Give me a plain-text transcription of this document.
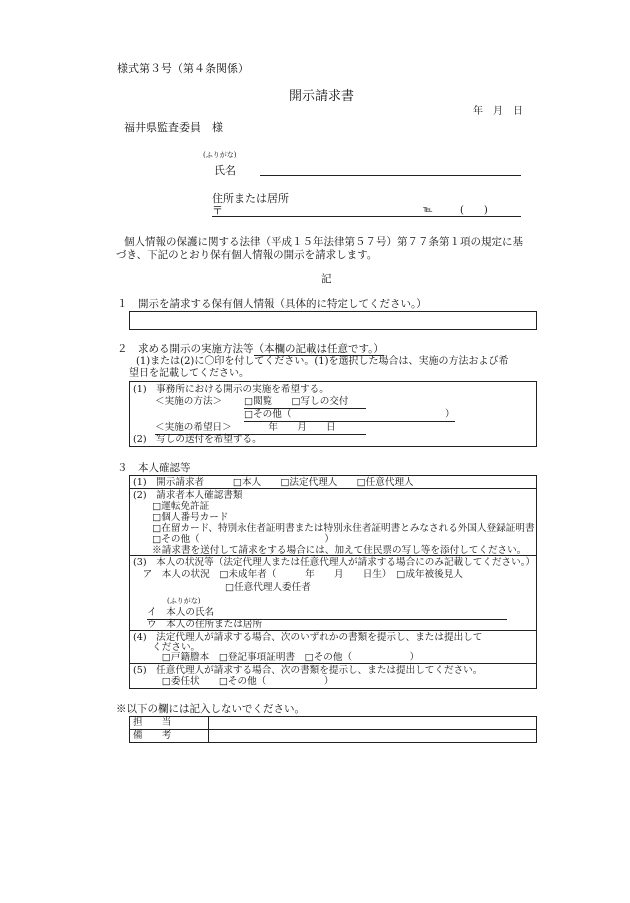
様式第３号（第４条関係）
開示請求書
年　月　日
福井県監査委員　様
(ふりがな)
氏名
住所または居所
〒	℡	(　　)
個人情報の保護に関する法律（平成１５年法律第５７号）第７７条第１項の規定に基
づき、下記のとおり保有個人情報の開示を請求します。
記
１　開示を請求する保有個人情報（具体的に特定してください。）
２　求める開示の実施方法等（本欄の記載は任意です。）
(1)または(2)に〇印を付してください。(1)を選択した場合は、実施の方法および希
望日を記載してください。
(1)　事務所における開示の実施を希望する。
＜実施の方法＞ □閲覧　　□写しの交付
□その他（　　　　　　　　　　　　　　　　）
＜実施の希望日＞	年　　月　　日
(2)　写しの送付を希望する。
３　本人確認等
(1)　開示請求者　　　□本人　　□法定代理人　　□任意代理人
(2)　請求者本人確認書類
　　□運転免許証
　　□個人番号カード
　　□在留カード、特別永住者証明書または特別永住者証明書とみなされる外国人登録証明書
　　□その他（　　　　　　　　　　　　　）
　　※請求書を送付して請求をする場合には、加えて住民票の写し等を添付してください。
(3)　本人の状況等（法定代理人または任意代理人が請求する場合にのみ記載してください。）
　ア　本人の状況　□未成年者（　　　年　　月　　日生）　□成年被後見人
□任意代理人委任者
(ふりがな)
イ　本人の氏名
ウ　本人の住所または居所
(4)　法定代理人が請求する場合、次のいずれかの書類を提示し、または提出して
　　ください。
　　　□戸籍謄本　□登記事項証明書　□その他（　　　　　　）
(5)　任意代理人が請求する場合、次の書類を提示し、または提出してください。
　　　□委任状　　□その他（　　　　　　）
※以下の欄には記入しないでください。
担　　当	
備　　考	
